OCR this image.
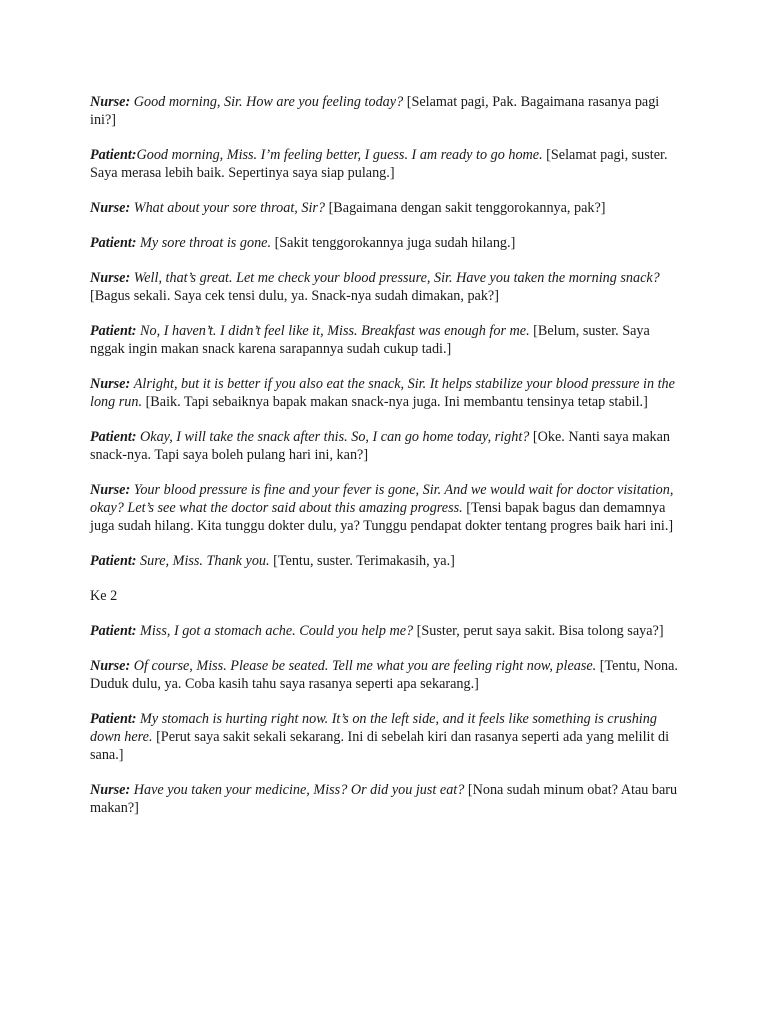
Nurse: Good morning, Sir. How are you feeling today? [Selamat pagi, Pak. Bagaimana rasanya pagi ini?]

Patient:Good morning, Miss. I’m feeling better, I guess. I am ready to go home. [Selamat pagi, suster. Saya merasa lebih baik. Sepertinya saya siap pulang.]

Nurse: What about your sore throat, Sir? [Bagaimana dengan sakit tenggorokannya, pak?]

Patient: My sore throat is gone. [Sakit tenggorokannya juga sudah hilang.]

Nurse: Well, that’s great. Let me check your blood pressure, Sir. Have you taken the morning snack? [Bagus sekali. Saya cek tensi dulu, ya. Snack-nya sudah dimakan, pak?]

Patient: No, I haven’t. I didn’t feel like it, Miss. Breakfast was enough for me. [Belum, suster. Saya nggak ingin makan snack karena sarapannya sudah cukup tadi.]

Nurse: Alright, but it is better if you also eat the snack, Sir. It helps stabilize your blood pressure in the long run. [Baik. Tapi sebaiknya bapak makan snack-nya juga. Ini membantu tensinya tetap stabil.]

Patient: Okay, I will take the snack after this. So, I can go home today, right? [Oke. Nanti saya makan snack-nya. Tapi saya boleh pulang hari ini, kan?]

Nurse: Your blood pressure is fine and your fever is gone, Sir. And we would wait for doctor visitation, okay? Let’s see what the doctor said about this amazing progress. [Tensi bapak bagus dan demamnya juga sudah hilang. Kita tunggu dokter dulu, ya? Tunggu pendapat dokter tentang progres baik hari ini.]

Patient: Sure, Miss. Thank you. [Tentu, suster. Terimakasih, ya.]

Ke 2

Patient: Miss, I got a stomach ache. Could you help me? [Suster, perut saya sakit. Bisa tolong saya?]

Nurse: Of course, Miss. Please be seated. Tell me what you are feeling right now, please. [Tentu, Nona. Duduk dulu, ya. Coba kasih tahu saya rasanya seperti apa sekarang.]

Patient: My stomach is hurting right now. It’s on the left side, and it feels like something is crushing down here. [Perut saya sakit sekali sekarang. Ini di sebelah kiri dan rasanya seperti ada yang melilit di sana.]

Nurse: Have you taken your medicine, Miss? Or did you just eat? [Nona sudah minum obat? Atau baru makan?]
